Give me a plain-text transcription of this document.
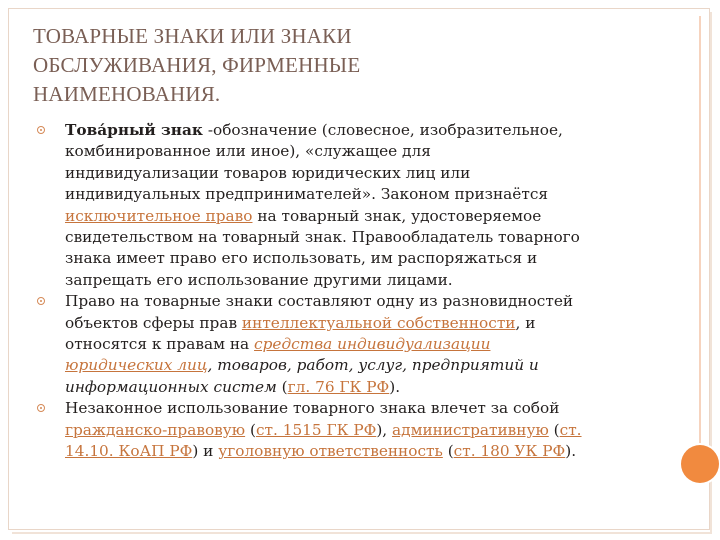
ТОВАРНЫЕ ЗНАКИ ИЛИ ЗНАКИ
ОБСЛУЖИВАНИЯ, ФИРМЕННЫЕ
НАИМЕНОВАНИЯ.
Това́рный знак -обозначение (словесное, изобразительное,
комбинированное или иное), «служащее для
индивидуализации товаров юридических лиц или
индивидуальных предпринимателей». Законом признаётся
исключительное право на товарный знак, удостоверяемое
свидетельством на товарный знак. Правообладатель товарного
знака имеет право его использовать, им распоряжаться и
запрещать его использование другими лицами.
Право на товарные знаки составляют одну из разновидностей
объектов сферы прав интеллектуальной собственности, и
относятся к правам на средства индивидуализации
юридических лиц, товаров, работ, услуг, предприятий и
информационных систем (гл. 76 ГК РФ).
Незаконное использование товарного знака влечет за собой
гражданско-правовую (ст. 1515 ГК РФ), административную (ст.
14.10. КоАП РФ) и уголовную ответственность (ст. 180 УК РФ).
